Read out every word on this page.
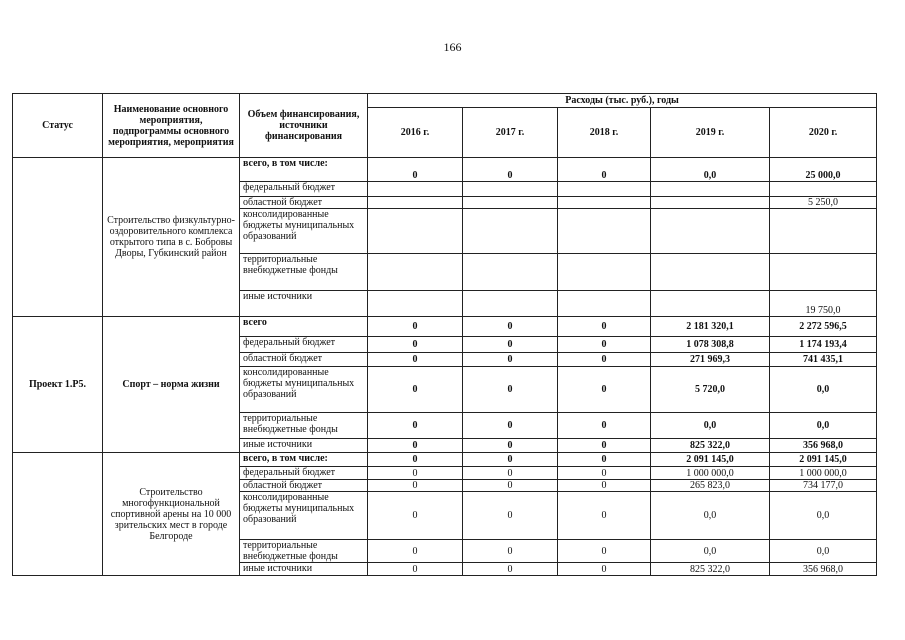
166
Статус	Наименование основного мероприятия, подпрограммы основного мероприятия, мероприятия	Объем финансирования, источники финансирования	Расходы (тыс. руб.), годы				
			2016 г.	2017 г.	2018 г.	2019 г.	2020 г.
	Строительство физкультурно-оздоровительного комплекса открытого типа в с. Бобровы Дворы, Губкинский район	всего, в том числе:	0	0	0	0,0	25 000,0
		федеральный бюджет					
		областной бюджет					5 250,0
		консолидированные бюджеты муниципальных образований					
		территориальные внебюджетные фонды					
		иные источники					19 750,0
Проект 1.Р5.	Спорт – норма жизни	всего	0	0	0	2 181 320,1	2 272 596,5
		федеральный бюджет	0	0	0	1 078 308,8	1 174 193,4
		областной бюджет	0	0	0	271 969,3	741 435,1
		консолидированные бюджеты муниципальных образований	0	0	0	5 720,0	0,0
		территориальные внебюджетные фонды	0	0	0	0,0	0,0
		иные источники	0	0	0	825 322,0	356 968,0
	Строительство многофункциональной спортивной арены на 10 000 зрительских мест в городе Белгороде	всего, в том числе:	0	0	0	2 091 145,0	2 091 145,0
		федеральный бюджет	0	0	0	1 000 000,0	1 000 000,0
		областной бюджет	0	0	0	265 823,0	734 177,0
		консолидированные бюджеты муниципальных образований	0	0	0	0,0	0,0
		территориальные внебюджетные фонды	0	0	0	0,0	0,0
		иные источники	0	0	0	825 322,0	356 968,0
